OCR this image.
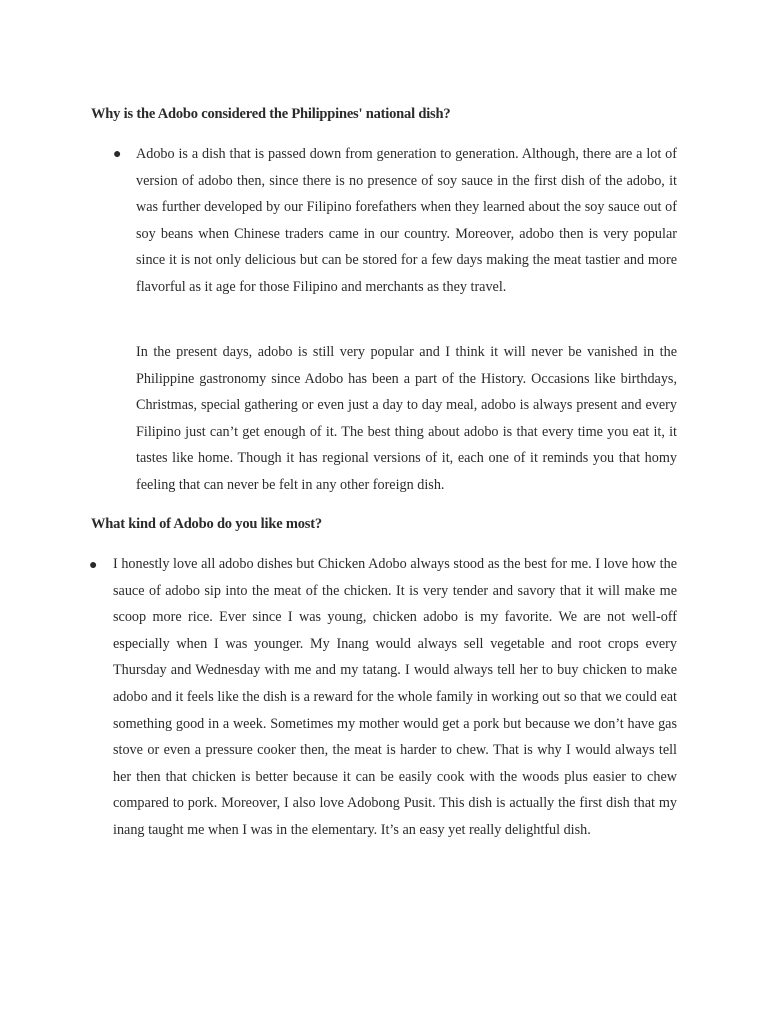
Why is the Adobo considered the Philippines' national dish?
● Adobo is a dish that is passed down from generation to generation. Although, there are a lot of version of adobo then, since there is no presence of soy sauce in the first dish of the adobo, it was further developed by our Filipino forefathers when they learned about the soy sauce out of soy beans when Chinese traders came in our country. Moreover, adobo then is very popular since it is not only delicious but can be stored for a few days making the meat tastier and more flavorful as it age for those Filipino and merchants as they travel.

In the present days, adobo is still very popular and I think it will never be vanished in the Philippine gastronomy since Adobo has been a part of the History. Occasions like birthdays, Christmas, special gathering or even just a day to day meal, adobo is always present and every Filipino just can’t get enough of it. The best thing about adobo is that every time you eat it, it tastes like home. Though it has regional versions of it, each one of it reminds you that homy feeling that can never be felt in any other foreign dish.

What kind of Adobo do you like most?
● I honestly love all adobo dishes but Chicken Adobo always stood as the best for me. I love how the sauce of adobo sip into the meat of the chicken. It is very tender and savory that it will make me scoop more rice. Ever since I was young, chicken adobo is my favorite. We are not well-off especially when I was younger. My Inang would always sell vegetable and root crops every Thursday and Wednesday with me and my tatang. I would always tell her to buy chicken to make adobo and it feels like the dish is a reward for the whole family in working out so that we could eat something good in a week. Sometimes my mother would get a pork but because we don’t have gas stove or even a pressure cooker then, the meat is harder to chew. That is why I would always tell her then that chicken is better because it can be easily cook with the woods plus easier to chew compared to pork. Moreover, I also love Adobong Pusit. This dish is actually the first dish that my inang taught me when I was in the elementary. It’s an easy yet really delightful dish.
